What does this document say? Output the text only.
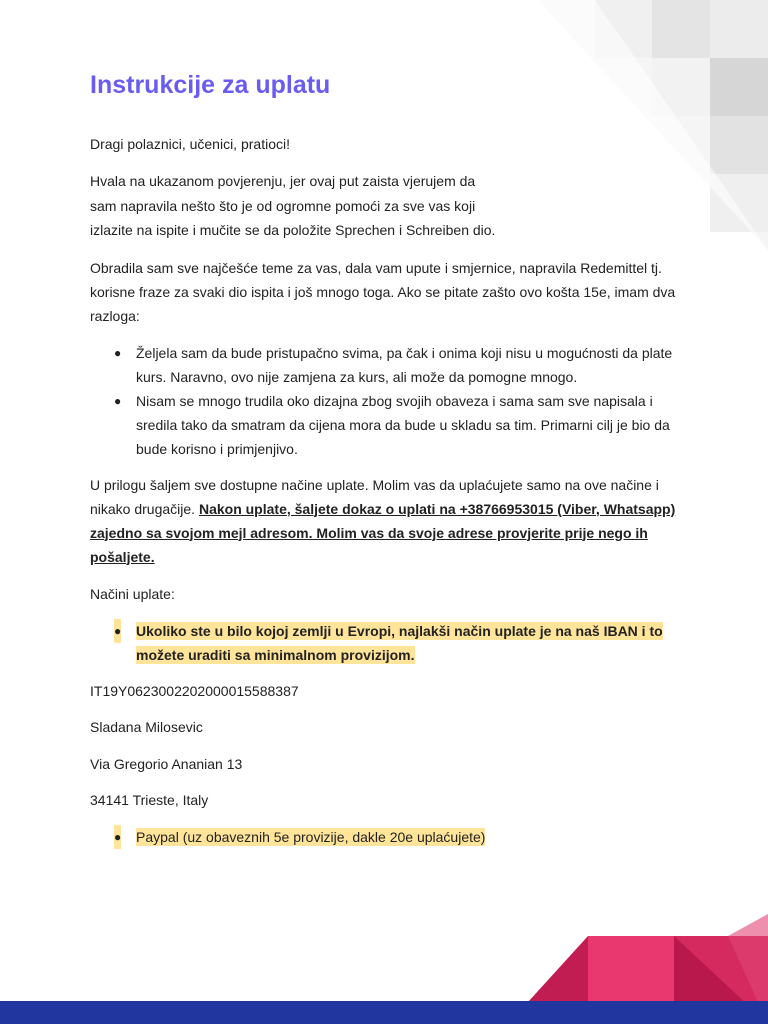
Instrukcije za uplatu

Dragi polaznici, učenici, pratioci!

Hvala na ukazanom povjerenju, jer ovaj put zaista vjerujem da
sam napravila nešto što je od ogromne pomoći za sve vas koji
izlazite na ispite i mučite se da položite Sprechen i Schreiben dio.

Obradila sam sve najčešće teme za vas, dala vam upute i smjernice, napravila Redemittel tj. korisne fraze za svaki dio ispita i još mnogo toga. Ako se pitate zašto ovo košta 15e, imam dva razloga:

● Željela sam da bude pristupačno svima, pa čak i onima koji nisu u mogućnosti da plate kurs. Naravno, ovo nije zamjena za kurs, ali može da pomogne mnogo.
● Nisam se mnogo trudila oko dizajna zbog svojih obaveza i sama sam sve napisala i sredila tako da smatram da cijena mora da bude u skladu sa tim. Primarni cilj je bio da bude korisno i primjenjivo.

U prilogu šaljem sve dostupne načine uplate. Molim vas da uplaćujete samo na ove načine i nikako drugačije. Nakon uplate, šaljete dokaz o uplati na +38766953015 (Viber, Whatsapp) zajedno sa svojom mejl adresom. Molim vas da svoje adrese provjerite prije nego ih pošaljete.

Načini uplate:

● Ukoliko ste u bilo kojoj zemlji u Evropi, najlakši način uplate je na naš IBAN i to možete uraditi sa minimalnom provizijom.

IT19Y0623002202000015588387

Sladana Milosevic

Via Gregorio Ananian 13

34141 Trieste, Italy

● Paypal (uz obaveznih 5e provizije, dakle 20e uplaćujete)
